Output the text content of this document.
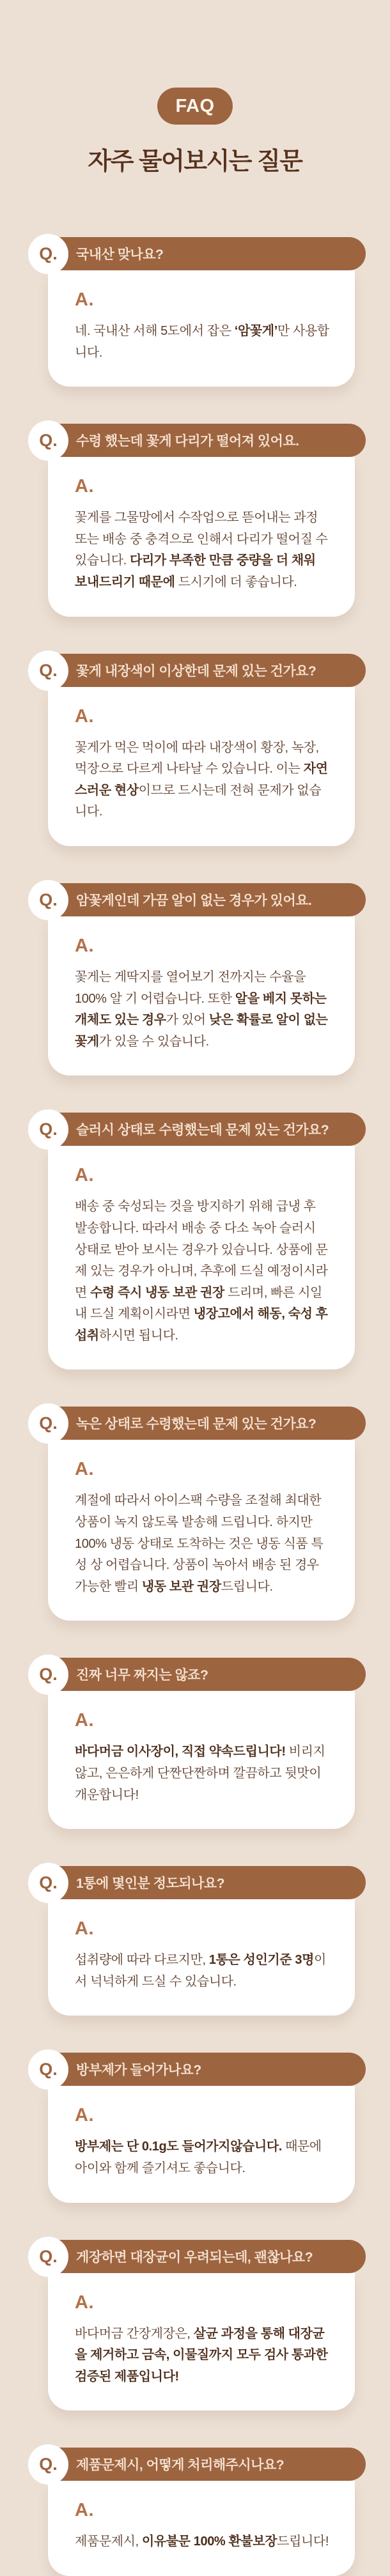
FAQ
자주 물어보시는 질문
Q.	국내산 맞나요?
A.

네. 국내산 서해 5도에서 잡은 ‘암꽃게’만 사용합니다.

Q.	수령 했는데 꽃게 다리가 떨어져 있어요.
A.

꽃게를 그물망에서 수작업으로 뜯어내는 과정 또는 배송 중 충격으로 인해서 다리가 떨어질 수 있습니다. 다리가 부족한 만큼 중량을 더 채워 보내드리기 때문에 드시기에 더 좋습니다.

Q.	꽃게 내장색이 이상한데 문제 있는 건가요?
A.

꽃게가 먹은 먹이에 따라 내장색이 황장, 녹장, 먹장으로 다르게 나타날 수 있습니다. 이는 자연스러운 현상이므로 드시는데 전혀 문제가 없습니다.

Q.	암꽃게인데 가끔 알이 없는 경우가 있어요.
A.

꽃게는 게딱지를 열어보기 전까지는 수율을 100% 알 기 어렵습니다. 또한 알을 베지 못하는 개체도 있는 경우가 있어 낮은 확률로 알이 없는 꽃게가 있을 수 있습니다.

Q.	슬러시 상태로 수령했는데 문제 있는 건가요?
A.

배송 중 숙성되는 것을 방지하기 위해 급냉 후 발송합니다. 따라서 배송 중 다소 녹아 슬러시 상태로 받아 보시는 경우가 있습니다. 상품에 문제 있는 경우가 아니며, 추후에 드실 예정이시라면 수령 즉시 냉동 보관 권장 드리며, 빠른 시일 내 드실 계획이시라면 냉장고에서 해동, 숙성 후 섭취하시면 됩니다.

Q.	녹은 상태로 수령했는데 문제 있는 건가요?
A.

계절에 따라서 아이스팩 수량을 조절해 최대한 상품이 녹지 않도록 발송해 드립니다. 하지만 100% 냉동 상태로 도착하는 것은 냉동 식품 특성 상 어렵습니다. 상품이 녹아서 배송 된 경우 가능한 빨리 냉동 보관 권장드립니다.

Q.	진짜 너무 짜지는 않죠?
A.

바다머금 이사장이, 직접 약속드립니다! 비리지 않고, 은은하게 단짠단짠하며 깔끔하고 뒷맛이 개운합니다!

Q.	1통에 몇인분 정도되나요?
A.

섭취량에 따라 다르지만, 1통은 성인기준 3명이서 넉넉하게 드실 수 있습니다.

Q.	방부제가 들어가나요?
A.

방부제는 단 0.1g도 들어가지않습니다. 때문에 아이와 함께 즐기셔도 좋습니다.

Q.	게장하면 대장균이 우려되는데, 괜찮나요?
A.

바다머금 간장게장은, 살균 과정을 통해 대장균을 제거하고 금속, 이물질까지 모두 검사 통과한 검증된 제품입니다!

Q.	제품문제시, 어떻게 처리해주시나요?
A.

제품문제시, 이유불문 100% 환불보장드립니다!
